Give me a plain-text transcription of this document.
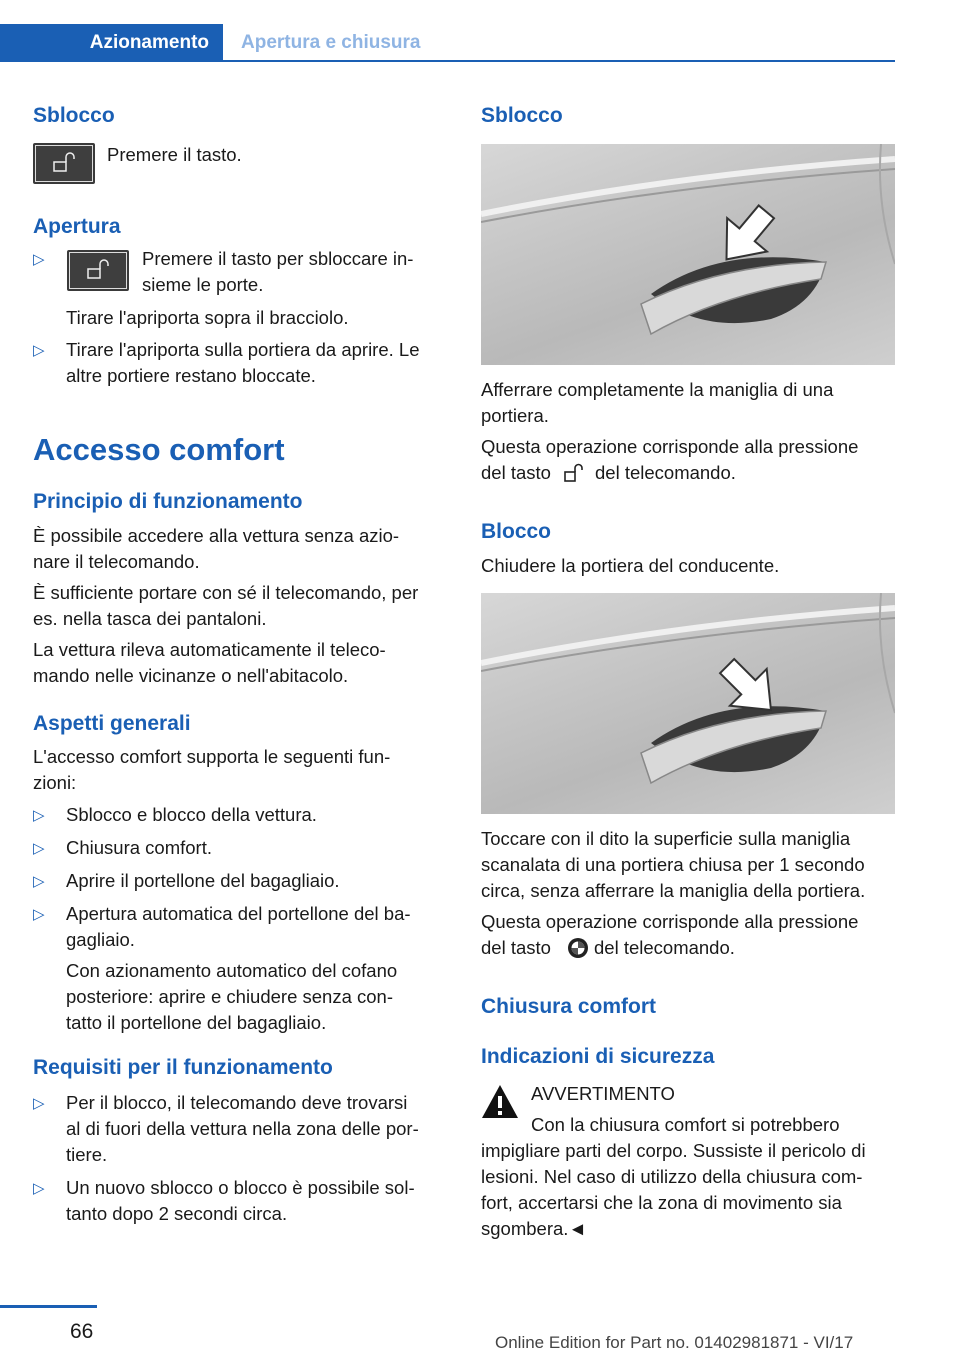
Azionamento	Apertura e chiusura
Sblocco
Premere il tasto.
Apertura
▷	Premere il tasto per sbloccare in‐
sieme le porte.
Tirare l'apriporta sopra il bracciolo.
▷ Tirare l'apriporta sulla portiera da aprire. Le
altre portiere restano bloccate.
Accesso comfort
Principio di funzionamento
È possibile accedere alla vettura senza azio‐
nare il telecomando.
È sufficiente portare con sé il telecomando, per
es. nella tasca dei pantaloni.
La vettura rileva automaticamente il teleco‐
mando nelle vicinanze o nell'abitacolo.
Aspetti generali
L'accesso comfort supporta le seguenti fun‐
zioni:
▷ Sblocco e blocco della vettura.
▷ Chiusura comfort.
▷ Aprire il portellone del bagagliaio.
▷ Apertura automatica del portellone del ba‐
gagliaio.
Con azionamento automatico del cofano
posteriore: aprire e chiudere senza con‐
tatto il portellone del bagagliaio.
Requisiti per il funzionamento
▷ Per il blocco, il telecomando deve trovarsi
al di fuori della vettura nella zona delle por‐
tiere.
▷ Un nuovo sblocco o blocco è possibile sol‐
tanto dopo 2 secondi circa.
Sblocco
Afferrare completamente la maniglia di una
portiera.
Questa operazione corrisponde alla pressione
del tasto del telecomando.
Blocco
Chiudere la portiera del conducente.
Toccare con il dito la superficie sulla maniglia
scanalata di una portiera chiusa per 1 secondo
circa, senza afferrare la maniglia della portiera.
Questa operazione corrisponde alla pressione
del tasto del telecomando.
Chiusura comfort
Indicazioni di sicurezza
AVVERTIMENTO
Con la chiusura comfort si potrebbero
impigliare parti del corpo. Sussiste il pericolo di
lesioni. Nel caso di utilizzo della chiusura com‐
fort, accertarsi che la zona di movimento sia
sgombera.◄
66	Online Edition for Part no. 01402981871 - VI/17
